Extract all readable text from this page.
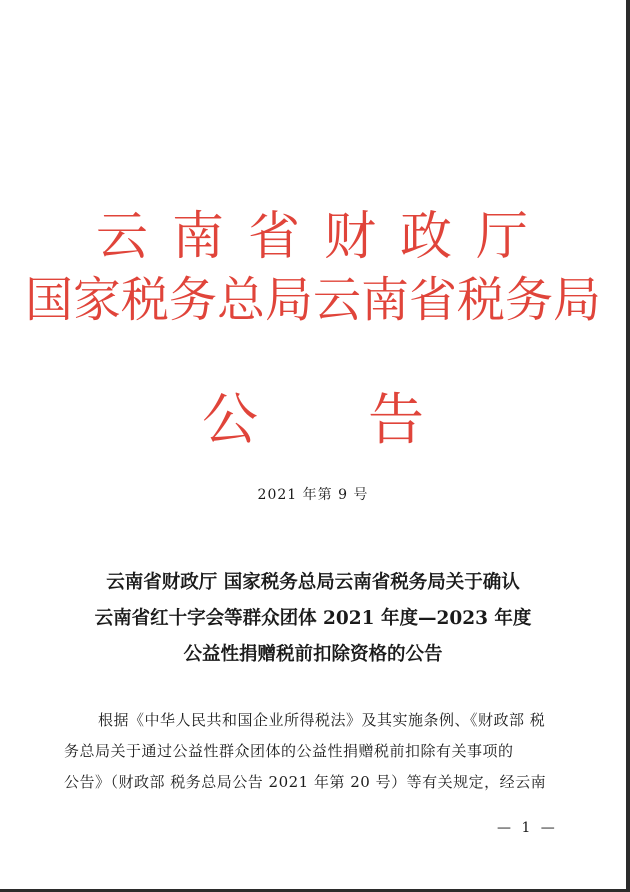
云南省财政厅
国家税务总局云南省税务局
公告
2021 年第 9 号
云南省财政厅 国家税务总局云南省税务局关于确认
云南省红十字会等群众团体 2021 年度—2023 年度
公益性捐赠税前扣除资格的公告
根据《中华人民共和国企业所得税法》及其实施条例、《财政部 税
务总局关于通过公益性群众团体的公益性捐赠税前扣除有关事项的
公告》（财政部 税务总局公告 2021 年第 20 号）等有关规定，经云南
— 1 —
